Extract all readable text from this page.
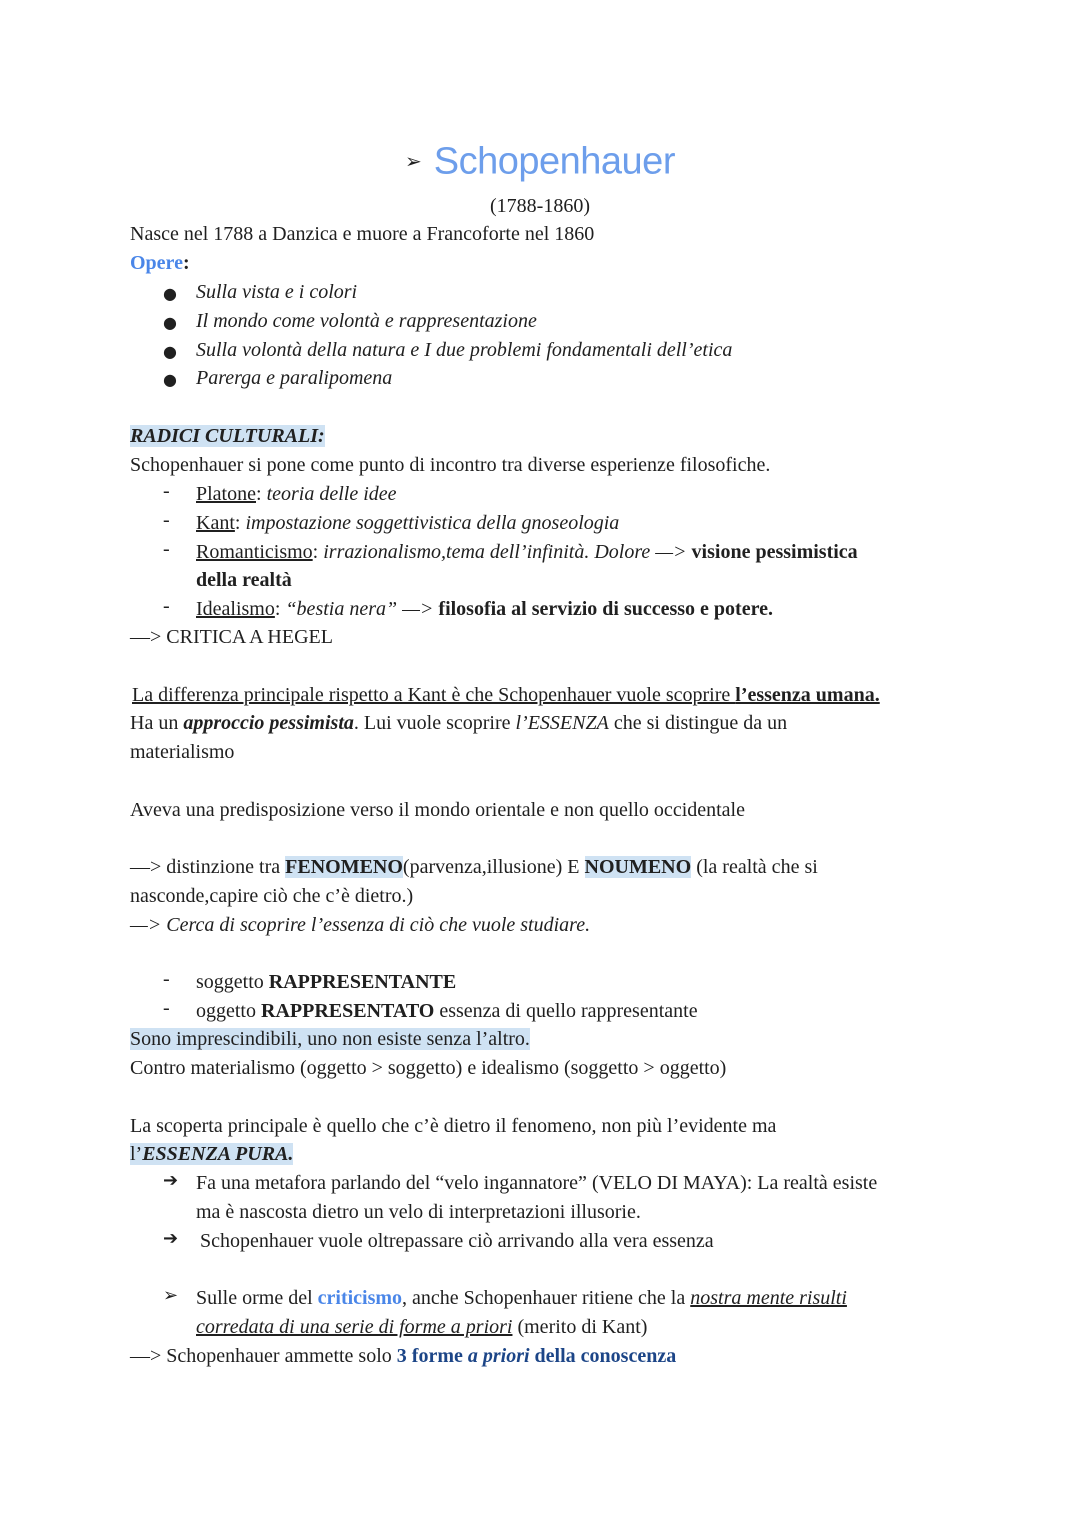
➢ Schopenhauer
(1788-1860)
Nasce nel 1788 a Danzica e muore a Francoforte nel 1860
Opere:
● Sulla vista e i colori
● Il mondo come volontà e rappresentazione
● Sulla volontà della natura e I due problemi fondamentali dell’etica
● Parerga e paralipomena
RADICI CULTURALI:
Schopenhauer si pone come punto di incontro tra diverse esperienze filosofiche.
- Platone: teoria delle idee
- Kant: impostazione soggettivistica della gnoseologia
- Romanticismo: irrazionalismo,tema dell’infinità. Dolore —> visione pessimistica
della realtà
- Idealismo: “bestia nera” —> filosofia al servizio di successo e potere.
—> CRITICA A HEGEL
La differenza principale rispetto a Kant è che Schopenhauer vuole scoprire l’essenza umana.
Ha un approccio pessimista. Lui vuole scoprire l’ESSENZA che si distingue da un
materialismo
Aveva una predisposizione verso il mondo orientale e non quello occidentale
—> distinzione tra FENOMENO(parvenza,illusione) E NOUMENO (la realtà che si
nasconde,capire ciò che c’è dietro.)
—> Cerca di scoprire l’essenza di ciò che vuole studiare.
- soggetto RAPPRESENTANTE
- oggetto RAPPRESENTATO essenza di quello rappresentante
Sono imprescindibili, uno non esiste senza l’altro.
Contro materialismo (oggetto > soggetto) e idealismo (soggetto > oggetto)
La scoperta principale è quello che c’è dietro il fenomeno, non più l’evidente ma
l’ESSENZA PURA.
➔ Fa una metafora parlando del “velo ingannatore” (VELO DI MAYA): La realtà esiste
ma è nascosta dietro un velo di interpretazioni illusorie.
➔ Schopenhauer vuole oltrepassare ciò arrivando alla vera essenza
➢ Sulle orme del criticismo, anche Schopenhauer ritiene che la nostra mente risulti
corredata di una serie di forme a priori (merito di Kant)
—> Schopenhauer ammette solo 3 forme a priori della conoscenza
